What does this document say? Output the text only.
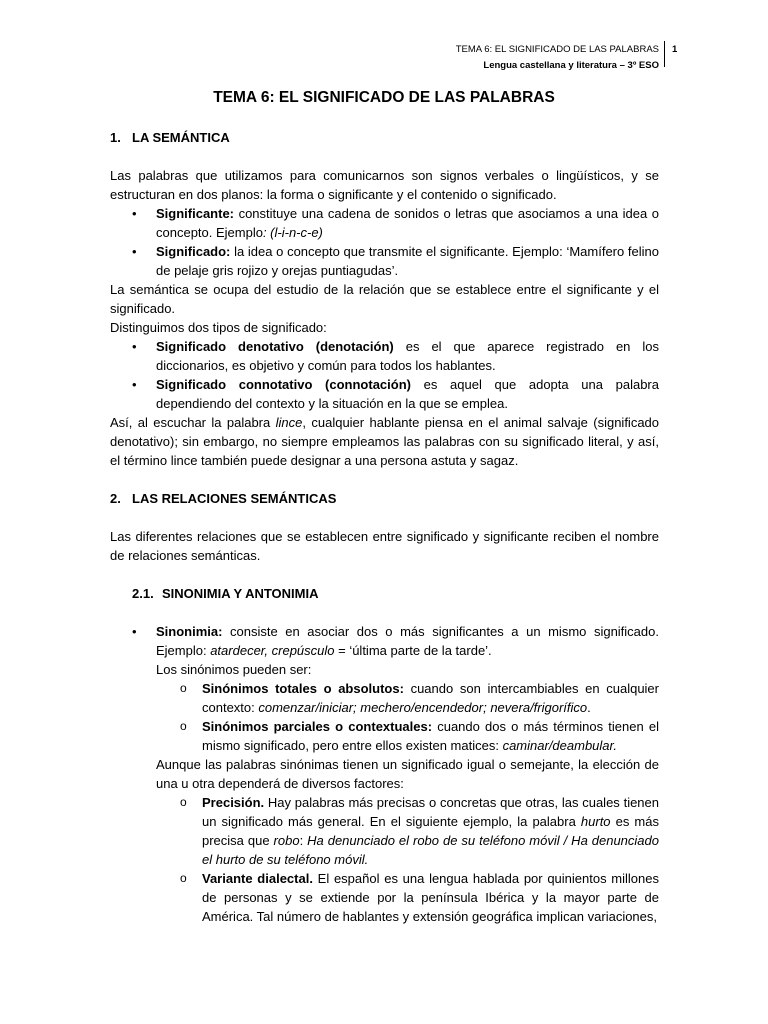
TEMA 6: EL SIGNIFICADO DE LAS PALABRAS
Lengua castellana y literatura – 3º ESO
1
TEMA 6: EL SIGNIFICADO DE LAS PALABRAS
1. LA SEMÁNTICA

Las palabras que utilizamos para comunicarnos son signos verbales o lingüísticos, y se estructuran en dos planos: la forma o significante y el contenido o significado.

• Significante: constituye una cadena de sonidos o letras que asociamos a una idea o concepto. Ejemplo: (l-i-n-c-e)
• Significado: la idea o concepto que transmite el significante. Ejemplo: ‘Mamífero felino de pelaje gris rojizo y orejas puntiagudas’.

La semántica se ocupa del estudio de la relación que se establece entre el significante y el significado.

Distinguimos dos tipos de significado:

• Significado denotativo (denotación) es el que aparece registrado en los diccionarios, es objetivo y común para todos los hablantes.
• Significado connotativo (connotación) es aquel que adopta una palabra dependiendo del contexto y la situación en la que se emplea.

Así, al escuchar la palabra lince, cualquier hablante piensa en el animal salvaje (significado denotativo); sin embargo, no siempre empleamos las palabras con su significado literal, y así, el término lince también puede designar a una persona astuta y sagaz.

2. LAS RELACIONES SEMÁNTICAS

Las diferentes relaciones que se establecen entre significado y significante reciben el nombre de relaciones semánticas.

2.1. SINONIMIA Y ANTONIMIA
• Sinonimia: consiste en asociar dos o más significantes a un mismo significado. Ejemplo: atardecer, crepúsculo = ‘última parte de la tarde’.

Los sinónimos pueden ser:

o Sinónimos totales o absolutos: cuando son intercambiables en cualquier contexto: comenzar/iniciar; mechero/encendedor; nevera/frigorífico.
o Sinónimos parciales o contextuales: cuando dos o más términos tienen el mismo significado, pero entre ellos existen matices: caminar/deambular.

Aunque las palabras sinónimas tienen un significado igual o semejante, la elección de una u otra dependerá de diversos factores:

o Precisión. Hay palabras más precisas o concretas que otras, las cuales tienen un significado más general. En el siguiente ejemplo, la palabra hurto es más precisa que robo: Ha denunciado el robo de su teléfono móvil / Ha denunciado el hurto de su teléfono móvil.
o Variante dialectal. El español es una lengua hablada por quinientos millones de personas y se extiende por la península Ibérica y la mayor parte de América. Tal número de hablantes y extensión geográfica implican variaciones,
